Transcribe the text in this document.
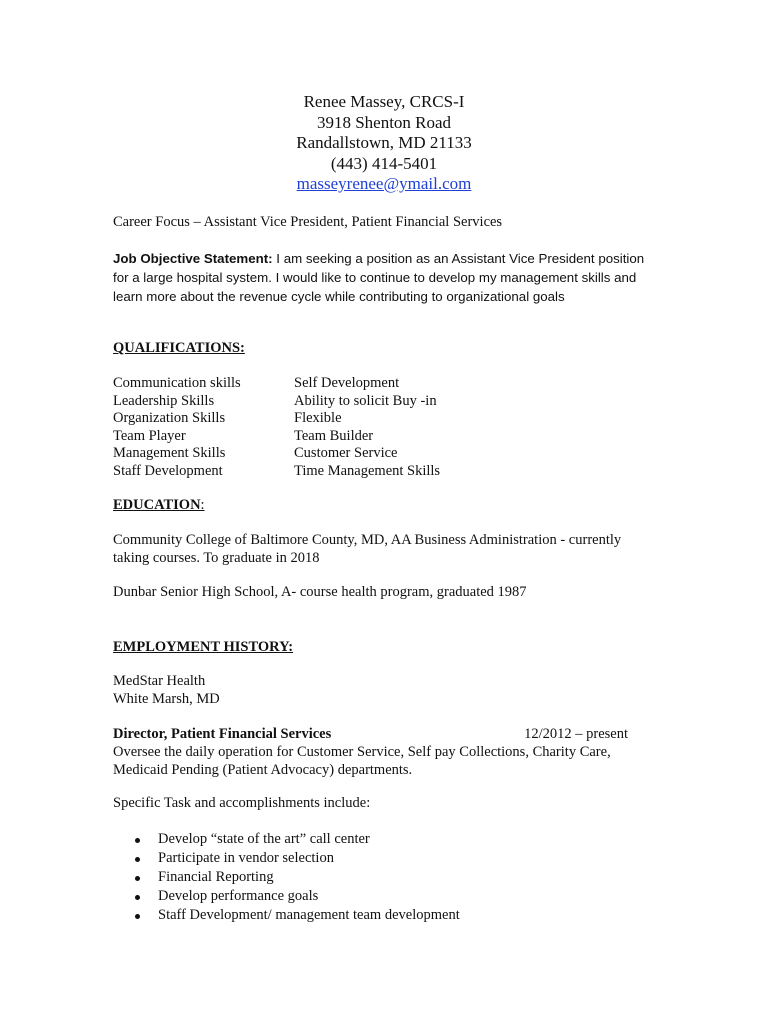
Renee Massey, CRCS-I
3918 Shenton Road
Randallstown, MD 21133
(443) 414-5401
masseyrenee@ymail.com
Career Focus – Assistant Vice President, Patient Financial Services
Job Objective Statement: I am seeking a position as an Assistant Vice President position
for a large hospital system. I would like to continue to develop my management skills and
learn more about the revenue cycle while contributing to organizational goals
QUALIFICATIONS:
Communication skills	Self Development
Leadership Skills	Ability to solicit Buy -in
Organization Skills	Flexible
Team Player	Team Builder
Management Skills	Customer Service
Staff Development	Time Management Skills
EDUCATION:
Community College of Baltimore County, MD, AA Business Administration - currently
taking courses. To graduate in 2018
Dunbar Senior High School, A- course health program, graduated 1987
EMPLOYMENT HISTORY:
MedStar Health
White Marsh, MD
Director, Patient Financial Services	12/2012 – present
Oversee the daily operation for Customer Service, Self pay Collections, Charity Care,
Medicaid Pending (Patient Advocacy) departments.
Specific Task and accomplishments include:
Develop “state of the art” call center
Participate in vendor selection
Financial Reporting
Develop performance goals
Staff Development/ management team development
